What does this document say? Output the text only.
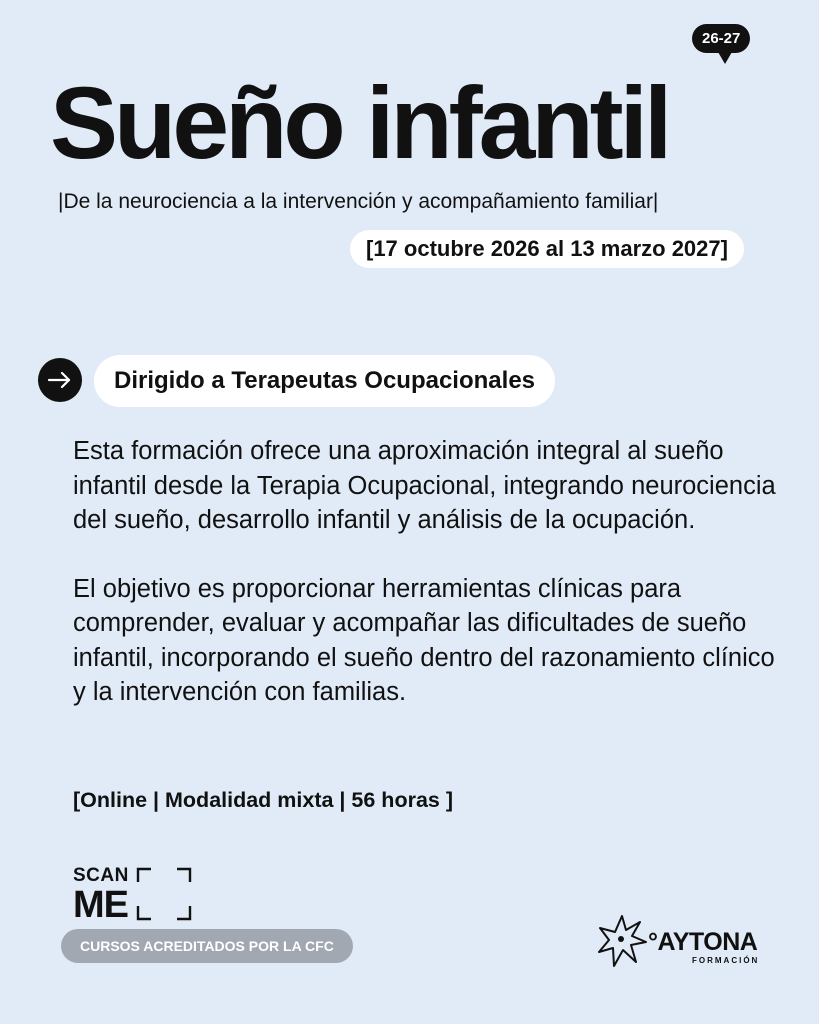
26-27
Sueño infantil
|De la neurociencia a la intervención y acompañamiento familiar|
[17 octubre 2026 al 13 marzo 2027]
Dirigido a Terapeutas Ocupacionales

Esta formación ofrece una aproximación integral al sueño infantil desde la Terapia Ocupacional, integrando neurociencia del sueño, desarrollo infantil y análisis de la ocupación.

El objetivo es proporcionar herramientas clínicas para comprender, evaluar y acompañar las dificultades de sueño infantil, incorporando el sueño dentro del razonamiento clínico y la intervención con familias.

[Online | Modalidad mixta | 56 horas ]
SCAN
ME
CURSOS ACREDITADOS POR LA CFC	°AYTONA
FORMACIÓN
